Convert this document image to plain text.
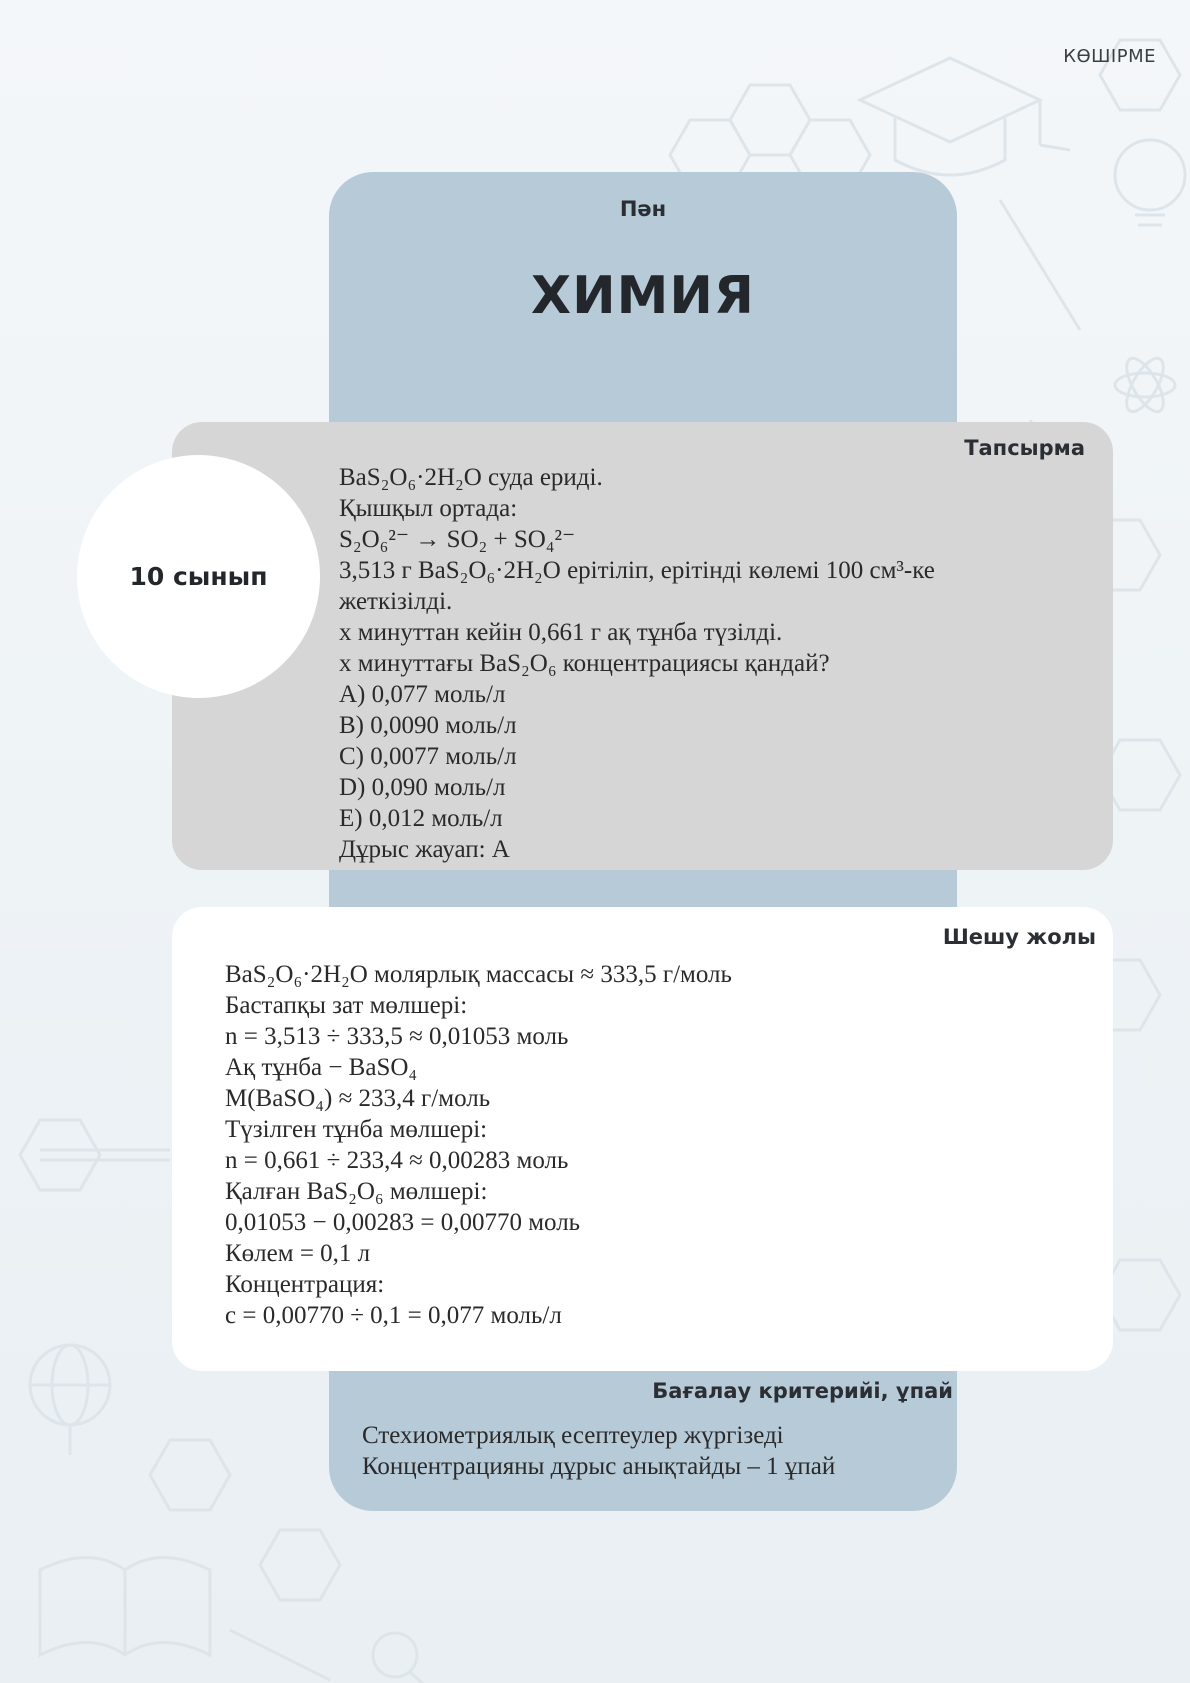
КӨШІРМЕ
Пән
ХИМИЯ
Тапсырма
10 сынып
BaS₂O₆·2H₂O суда ериді.
Қышқыл ортада:
S₂O₆²⁻ → SO₂ + SO₄²⁻
3,513 г BaS₂O₆·2H₂O ерітіліп, ерітінді көлемі 100 см³-ке
жеткізілді.
x минуттан кейін 0,661 г ақ тұнба түзілді.
x минуттағы BaS₂O₆ концентрациясы қандай?
A) 0,077 моль/л
B) 0,0090 моль/л
C) 0,0077 моль/л
D) 0,090 моль/л
E) 0,012 моль/л
Дұрыс жауап: A
Шешу жолы
BaS₂O₆·2H₂O молярлық массасы ≈ 333,5 г/моль
Бастапқы зат мөлшері:
n = 3,513 ÷ 333,5 ≈ 0,01053 моль
Ақ тұнба − BaSO₄
M(BaSO₄) ≈ 233,4 г/моль
Түзілген тұнба мөлшері:
n = 0,661 ÷ 233,4 ≈ 0,00283 моль
Қалған BaS₂O₆ мөлшері:
0,01053 − 0,00283 = 0,00770 моль
Көлем = 0,1 л
Концентрация:
c = 0,00770 ÷ 0,1 = 0,077 моль/л
Бағалау критерийі, ұпай
Стехиометриялық есептеулер жүргізеді
Концентрацияны дұрыс анықтайды – 1 ұпай
